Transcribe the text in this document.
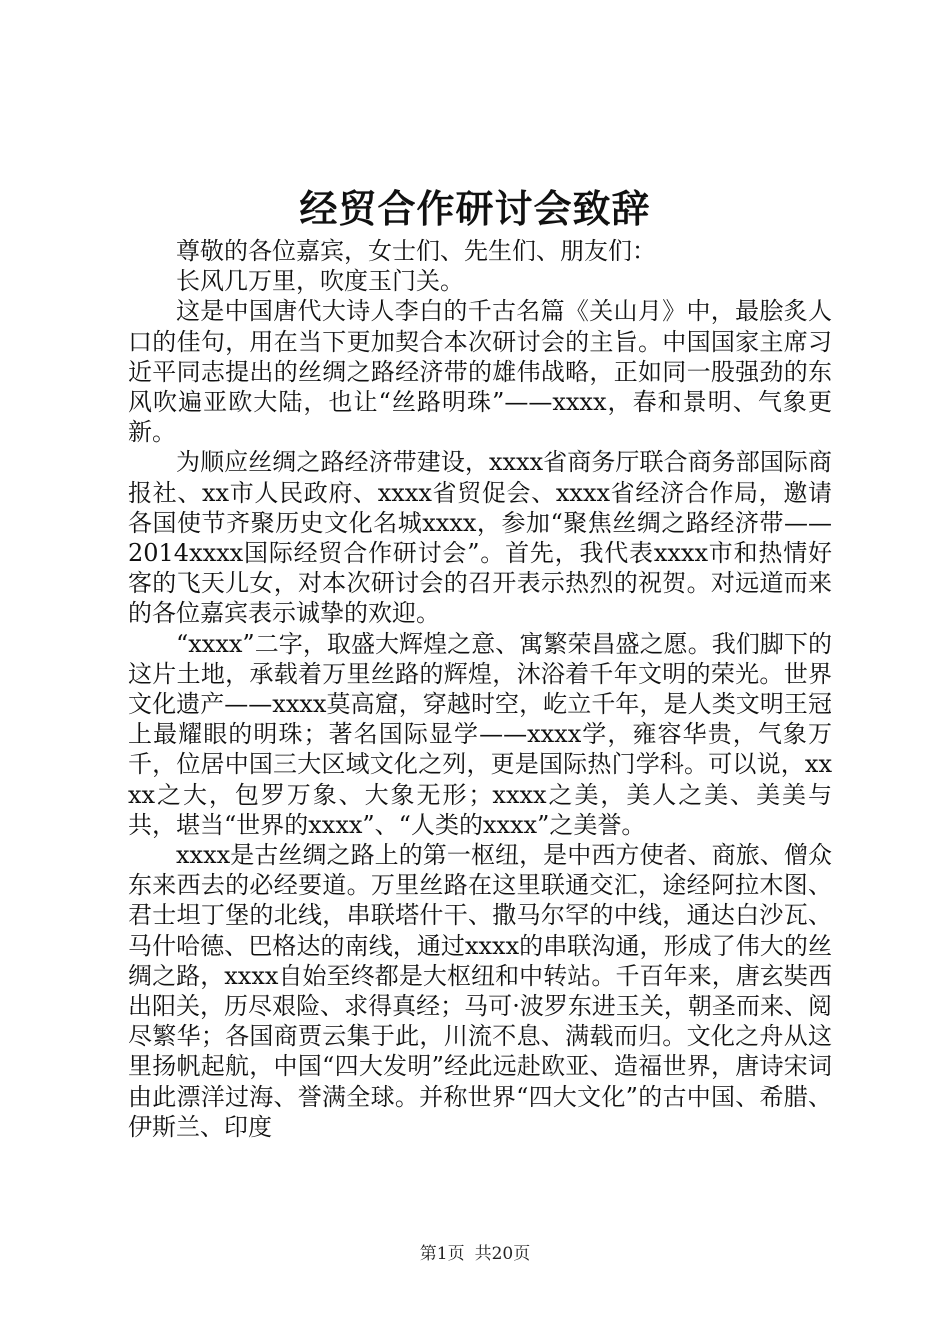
经贸合作研讨会致辞

尊敬的各位嘉宾，女士们、先生们、朋友们：

长风几万里，吹度玉门关。

这是中国唐代大诗人李白的千古名篇《关山月》中，最脍炙人口的佳句，用在当下更加契合本次研讨会的主旨。中国国家主席习近平同志提出的丝绸之路经济带的雄伟战略，正如同一股强劲的东风吹遍亚欧大陆，也让“丝路明珠”——xxxx，春和景明、气象更新。

为顺应丝绸之路经济带建设，xxxx省商务厅联合商务部国际商报社、xx市人民政府、xxxx省贸促会、xxxx省经济合作局，邀请各国使节齐聚历史文化名城xxxx，参加“聚焦丝绸之路经济带——2014xxxx国际经贸合作研讨会”。首先，我代表xxxx市和热情好客的飞天儿女，对本次研讨会的召开表示热烈的祝贺。对远道而来的各位嘉宾表示诚挚的欢迎。

“xxxx”二字，取盛大辉煌之意、寓繁荣昌盛之愿。我们脚下的这片土地，承载着万里丝路的辉煌，沐浴着千年文明的荣光。世界文化遗产——xxxx莫高窟，穿越时空，屹立千年，是人类文明王冠上最耀眼的明珠；著名国际显学——xxxx学，雍容华贵，气象万千，位居中国三大区域文化之列，更是国际热门学科。可以说，xxxx之大，包罗万象、大象无形；xxxx之美，美人之美、美美与共，堪当“世界的xxxx”、“人类的xxxx”之美誉。

xxxx是古丝绸之路上的第一枢纽，是中西方使者、商旅、僧众东来西去的必经要道。万里丝路在这里联通交汇，途经阿拉木图、君士坦丁堡的北线，串联塔什干、撒马尔罕的中线，通达白沙瓦、马什哈德、巴格达的南线，通过xxxx的串联沟通，形成了伟大的丝绸之路，xxxx自始至终都是大枢纽和中转站。千百年来，唐玄奘西出阳关，历尽艰险、求得真经；马可·波罗东进玉关，朝圣而来、阅尽繁华；各国商贾云集于此，川流不息、满载而归。文化之舟从这里扬帆起航，中国“四大发明”经此远赴欧亚、造福世界，唐诗宋词由此漂洋过海、誉满全球。并称世界“四大文化”的古中国、希腊、伊斯兰、印度

第1页 共20页
